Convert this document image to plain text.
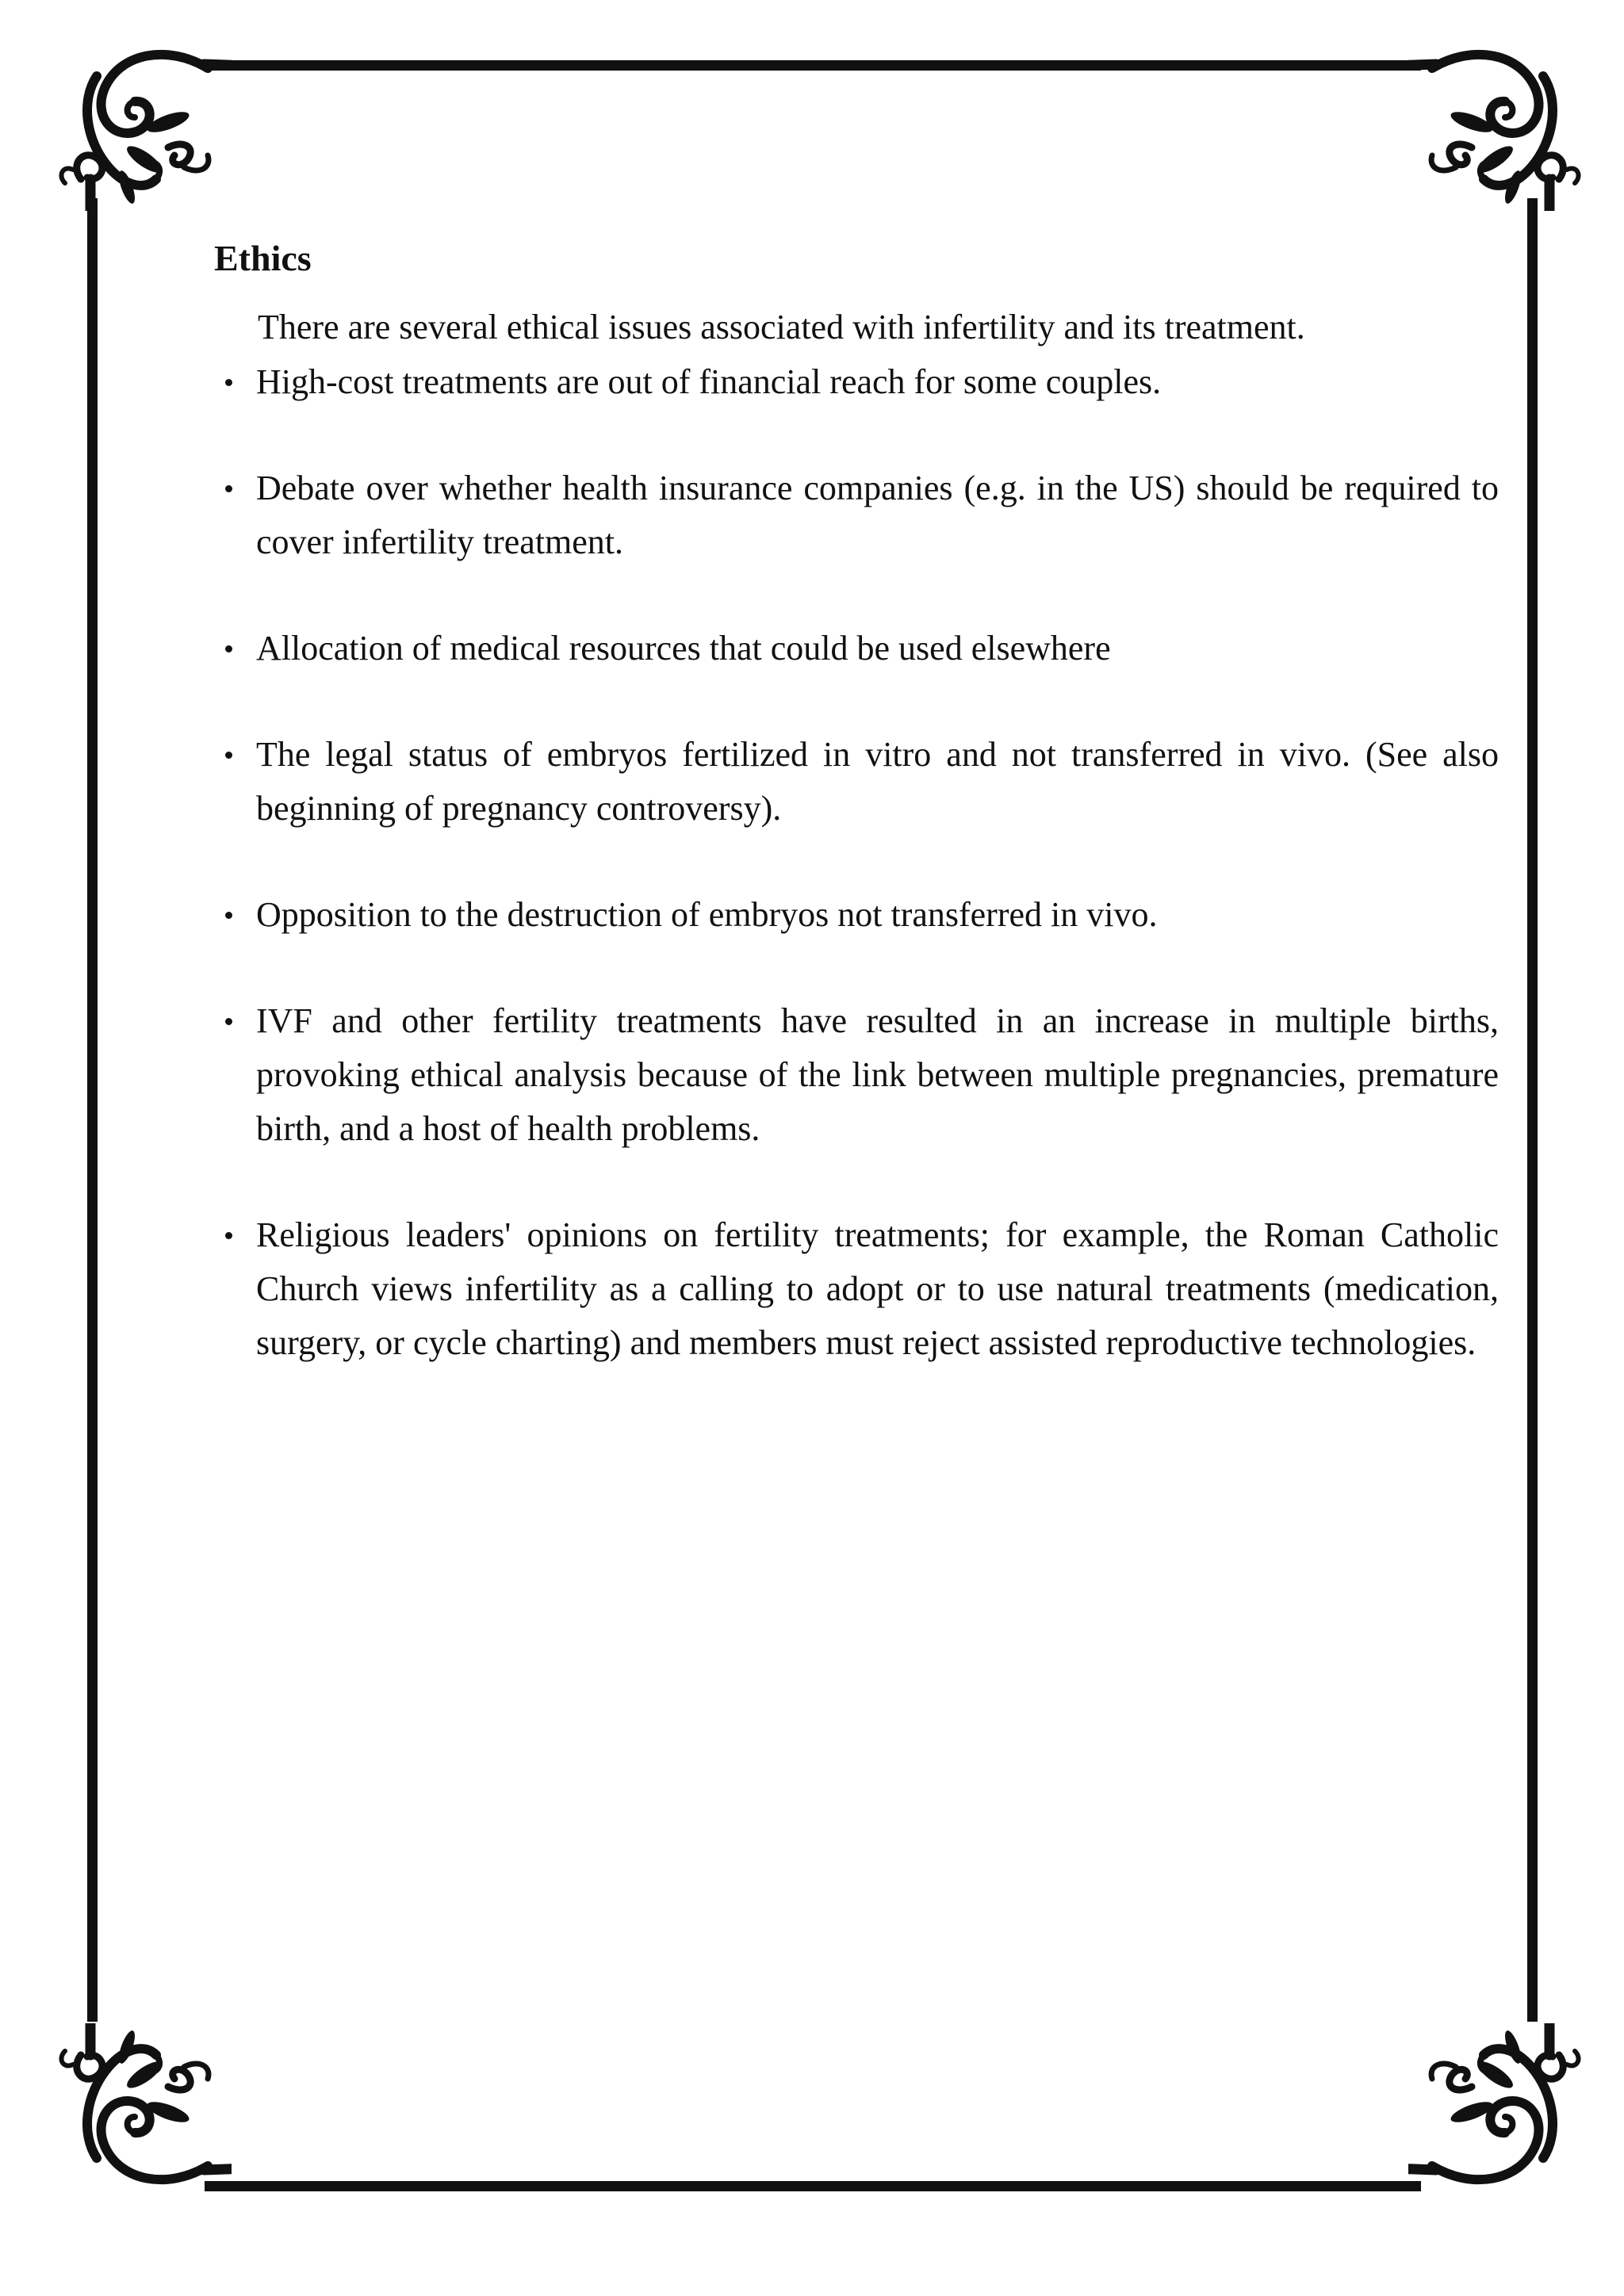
Ethics

There are several ethical issues associated with infertility and its treatment.

High-cost treatments are out of financial reach for some couples.
Debate over whether health insurance companies (e.g. in the US) should be required to cover infertility treatment.
Allocation of medical resources that could be used elsewhere
The legal status of embryos fertilized in vitro and not transferred in vivo. (See also beginning of pregnancy controversy).
Opposition to the destruction of embryos not transferred in vivo.
IVF and other fertility treatments have resulted in an increase in multiple births, provoking ethical analysis because of the link between multiple pregnancies, premature birth, and a host of health problems.
Religious leaders' opinions on fertility treatments; for example, the Roman Catholic Church views infertility as a calling to adopt or to use natural treatments (medication, surgery, or cycle charting) and members must reject assisted reproductive technologies.
